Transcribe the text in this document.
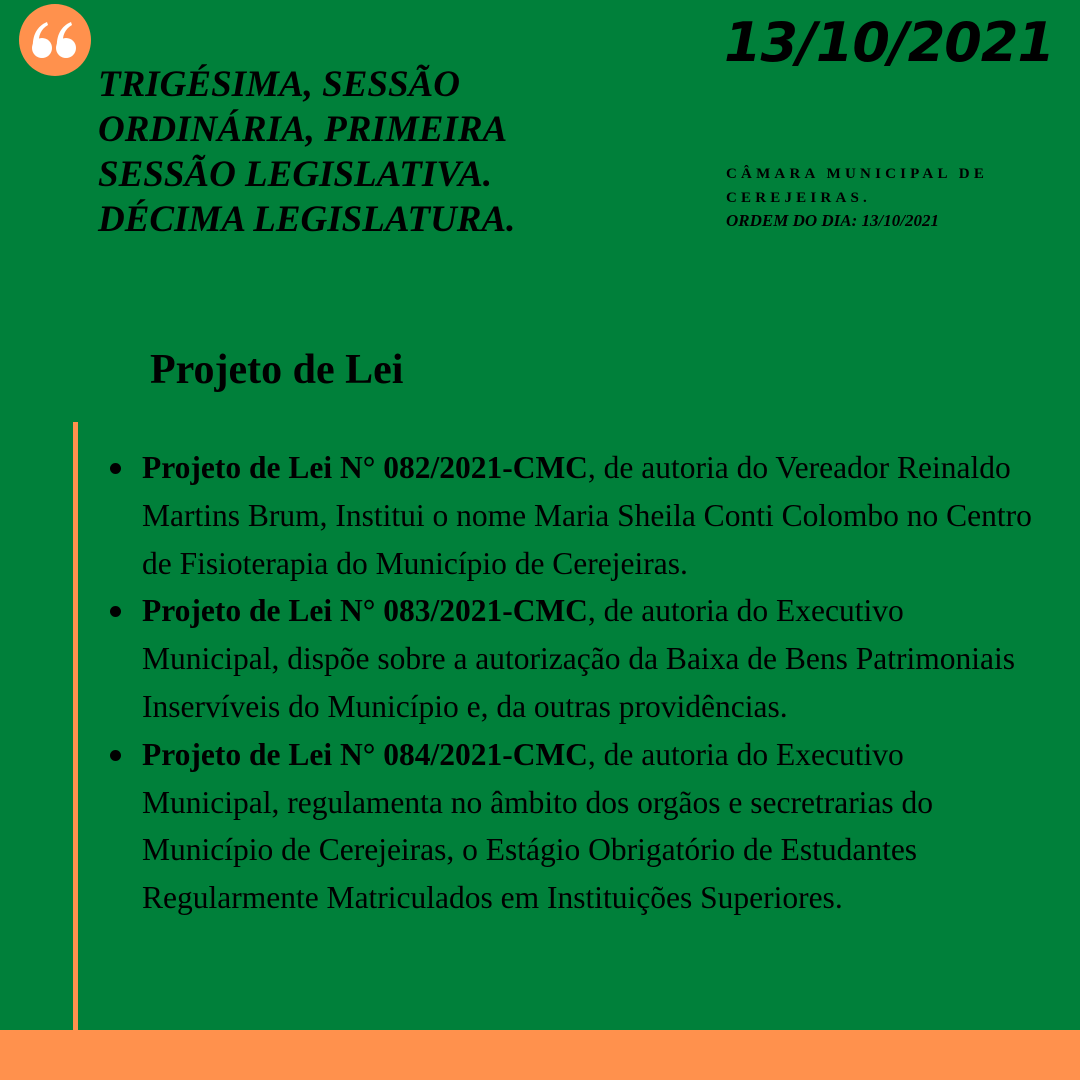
TRIGÉSIMA, SESSÃO ORDINÁRIA, PRIMEIRA SESSÃO LEGISLATIVA. DÉCIMA LEGISLATURA.
13/10/2021
CÂMARA MUNICIPAL DE CEREJEIRAS.
ORDEM DO DIA: 13/10/2021
Projeto de Lei
Projeto de Lei N° 082/2021-CMC, de autoria do Vereador Reinaldo Martins Brum, Institui o nome Maria Sheila Conti Colombo no Centro de Fisioterapia do Município de Cerejeiras.
Projeto de Lei N° 083/2021-CMC, de autoria do Executivo Municipal, dispõe sobre a autorização da Baixa de Bens Patrimoniais Inservíveis do Município e, da outras providências.
Projeto de Lei N° 084/2021-CMC, de autoria do Executivo Municipal, regulamenta no âmbito dos orgãos e secretrarias do Município de Cerejeiras, o Estágio Obrigatório de Estudantes Regularmente Matriculados em Instituições Superiores.
